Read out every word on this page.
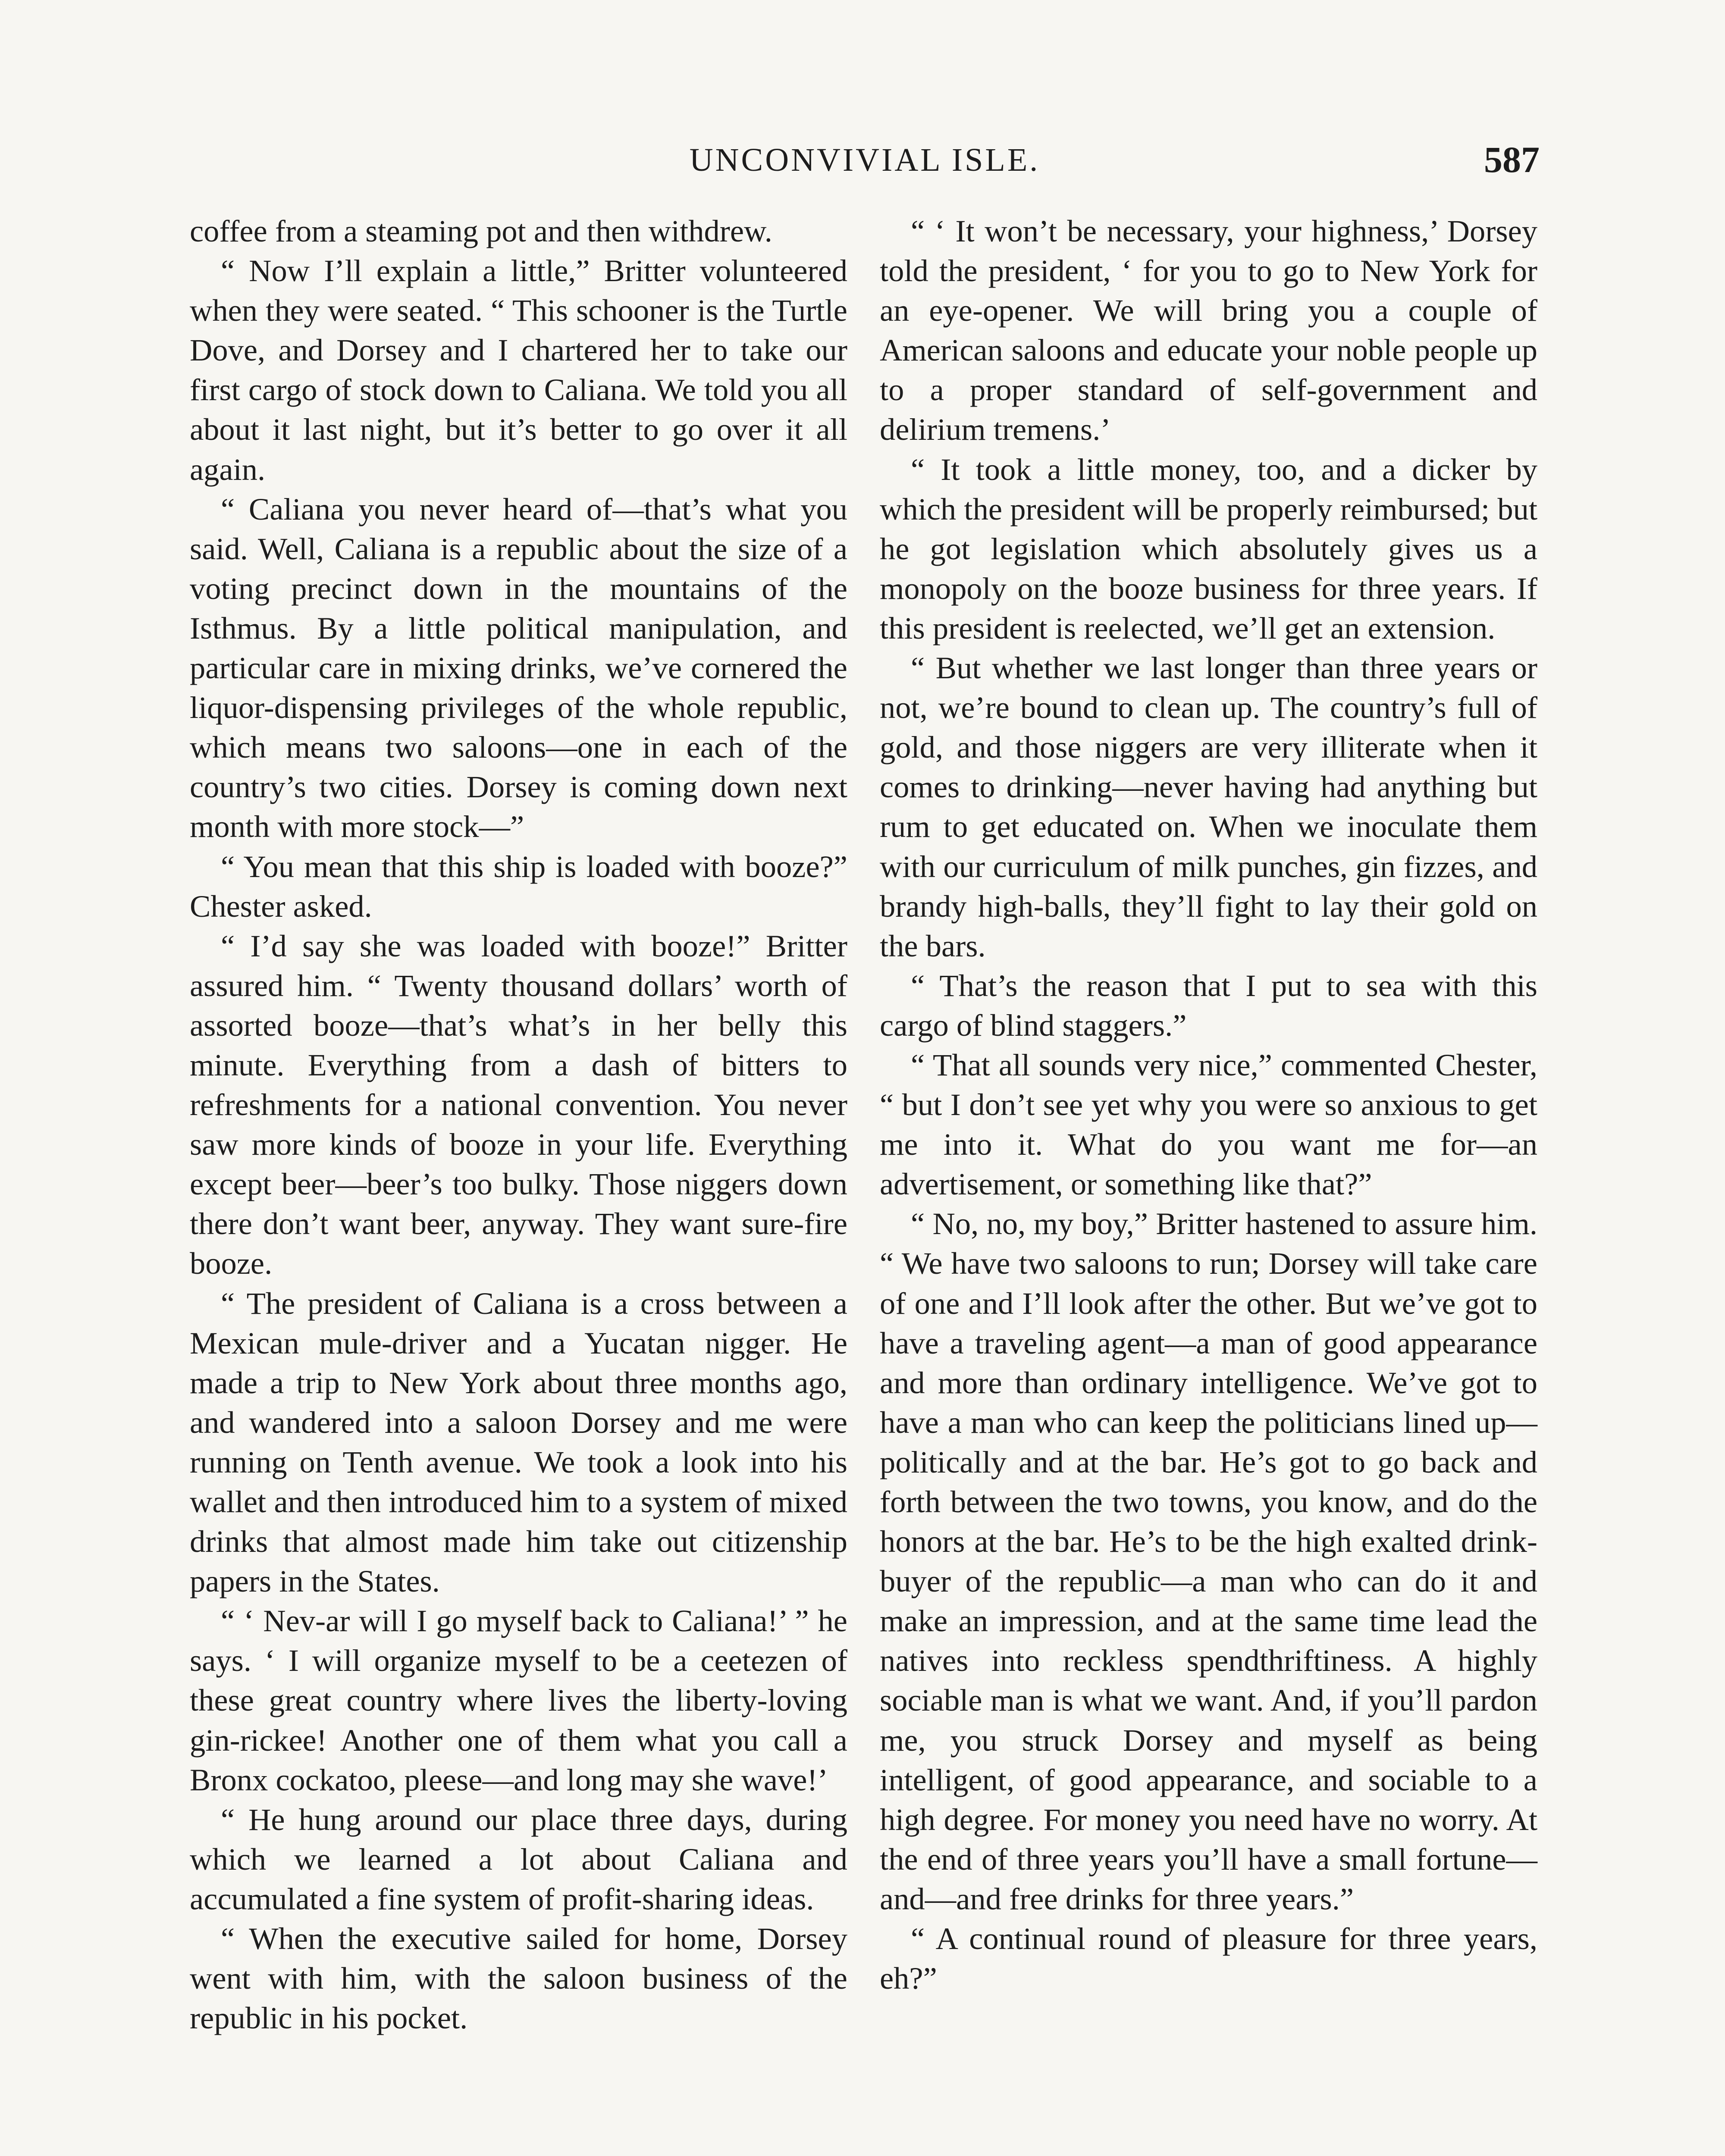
UNCONVIVIAL ISLE.	587

coffee from a steaming pot and then withdrew.

“ Now I’ll explain a little,” Britter volunteered when they were seated. “ This schooner is the Turtle Dove, and Dorsey and I chartered her to take our first cargo of stock down to Caliana. We told you all about it last night, but it’s better to go over it all again.

“ Caliana you never heard of—that’s what you said. Well, Caliana is a republic about the size of a voting precinct down in the mountains of the Isthmus. By a little political manipulation, and particular care in mixing drinks, we’ve cornered the liquor-dispensing privileges of the whole republic, which means two saloons—one in each of the country’s two cities. Dorsey is coming down next month with more stock—”

“ You mean that this ship is loaded with booze?” Chester asked.

“ I’d say she was loaded with booze!” Britter assured him. “ Twenty thousand dollars’ worth of assorted booze—that’s what’s in her belly this minute. Everything from a dash of bitters to refreshments for a national convention. You never saw more kinds of booze in your life. Everything except beer—beer’s too bulky. Those niggers down there don’t want beer, anyway. They want sure-fire booze.

“ The president of Caliana is a cross between a Mexican mule-driver and a Yucatan nigger. He made a trip to New York about three months ago, and wandered into a saloon Dorsey and me were running on Tenth avenue. We took a look into his wallet and then introduced him to a system of mixed drinks that almost made him take out citizenship papers in the States.

“ ‘ Nev-ar will I go myself back to Caliana!’ ” he says. ‘ I will organize myself to be a ceetezen of these great country where lives the liberty-loving gin-rickee! Another one of them what you call a Bronx cockatoo, pleese—and long may she wave!’

“ He hung around our place three days, during which we learned a lot about Caliana and accumulated a fine system of profit-sharing ideas.

“ When the executive sailed for home, Dorsey went with him, with the saloon business of the republic in his pocket.

“ ‘ It won’t be necessary, your highness,’ Dorsey told the president, ‘ for you to go to New York for an eye-opener. We will bring you a couple of American saloons and educate your noble people up to a proper standard of self-government and delirium tremens.’

“ It took a little money, too, and a dicker by which the president will be properly reimbursed; but he got legislation which absolutely gives us a monopoly on the booze business for three years. If this president is reelected, we’ll get an extension.

“ But whether we last longer than three years or not, we’re bound to clean up. The country’s full of gold, and those niggers are very illiterate when it comes to drinking—never having had anything but rum to get educated on. When we inoculate them with our curriculum of milk punches, gin fizzes, and brandy high-balls, they’ll fight to lay their gold on the bars.

“ That’s the reason that I put to sea with this cargo of blind staggers.”

“ That all sounds very nice,” commented Chester, “ but I don’t see yet why you were so anxious to get me into it. What do you want me for—an advertisement, or something like that?”

“ No, no, my boy,” Britter hastened to assure him. “ We have two saloons to run; Dorsey will take care of one and I’ll look after the other. But we’ve got to have a traveling agent—a man of good appearance and more than ordinary intelligence. We’ve got to have a man who can keep the politicians lined up—politically and at the bar. He’s got to go back and forth between the two towns, you know, and do the honors at the bar. He’s to be the high exalted drink-buyer of the republic—a man who can do it and make an impression, and at the same time lead the natives into reckless spendthriftiness. A highly sociable man is what we want. And, if you’ll pardon me, you struck Dorsey and myself as being intelligent, of good appearance, and sociable to a high degree. For money you need have no worry. At the end of three years you’ll have a small fortune—and—and free drinks for three years.”

“ A continual round of pleasure for three years, eh?”
